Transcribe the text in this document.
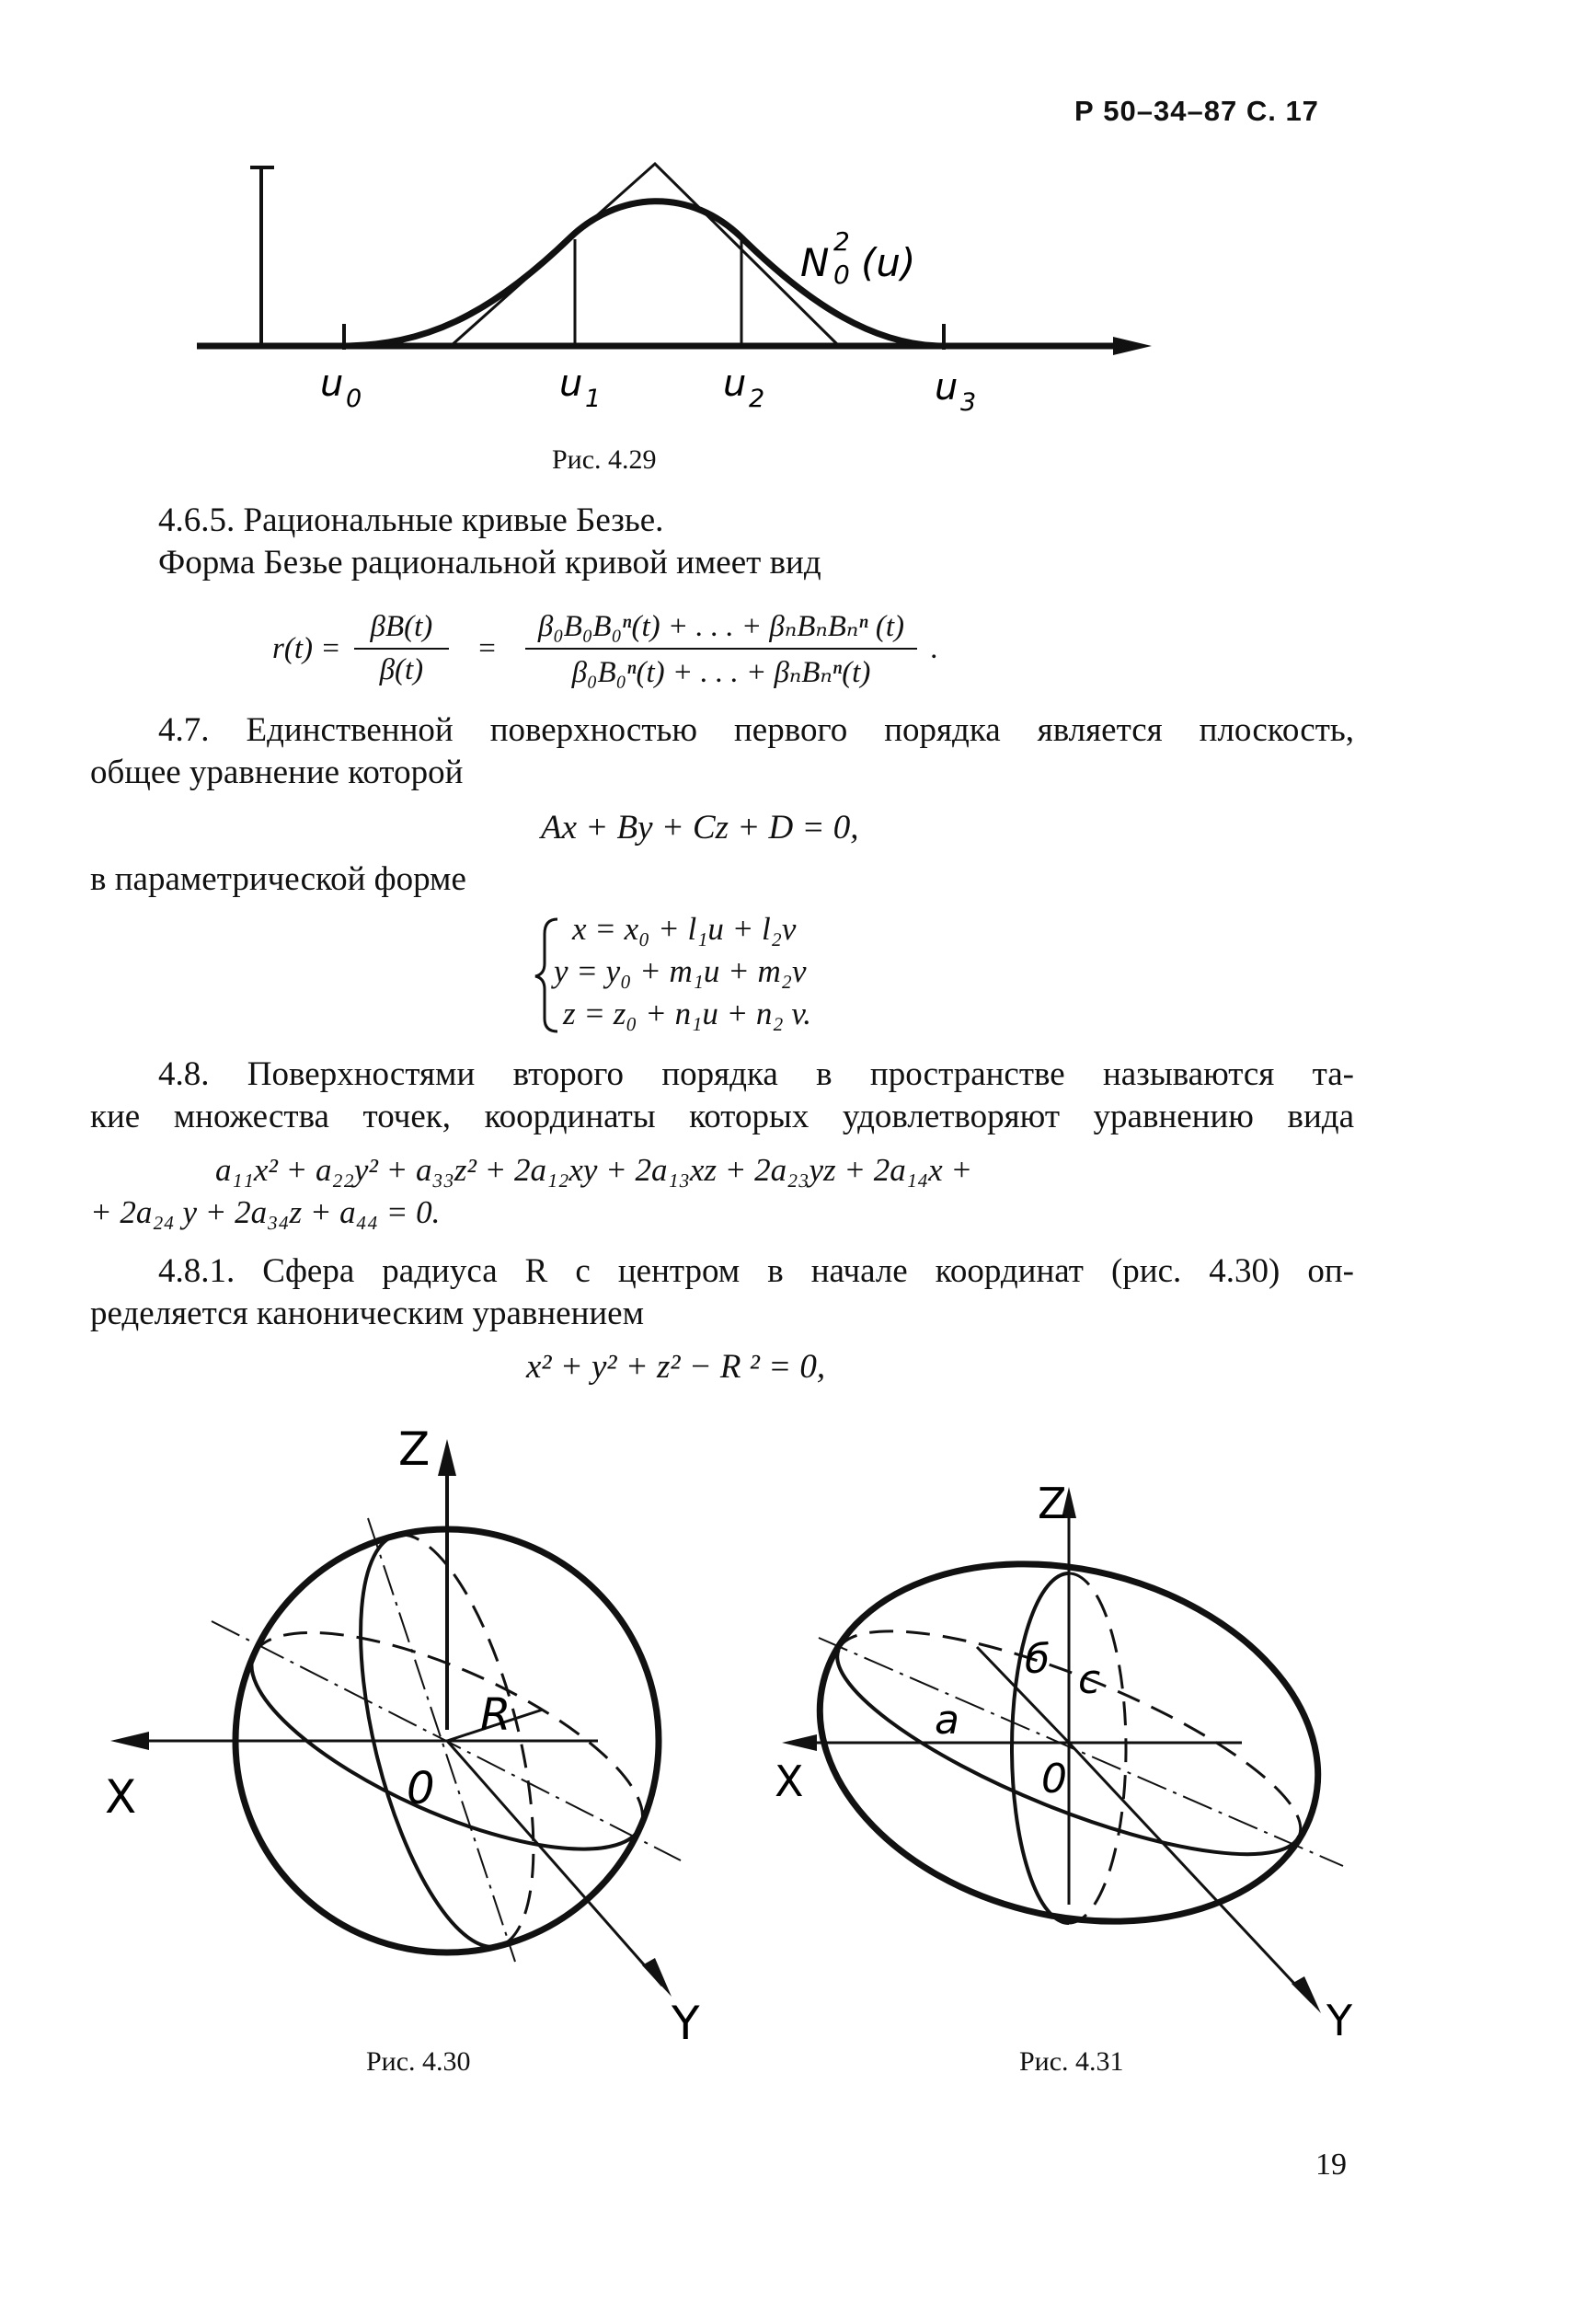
Р 50–34–87 С. 17
N 2
0 (u)
u 0	u 1	u 2	u 3
Рис. 4.29
4.6.5. Рациональные кривые Безье.
Форма Безье рациональной кривой имеет вид
$r(t) = \frac{\beta B(t)}{\beta(t)} = \frac{\text{β₀B₀B₀ⁿ(t) + . . . + βₙBₙBₙⁿ (t)}}{\text{β₀B₀ⁿ(t) + . . . + βₙBₙⁿ(t)}}$ .
4.7. Единственной поверхностью первого порядка является плоскость,
общее уравнение которой
Ax + By + Cz + D = 0,
в параметрической форме
x = x₀ + l₁u + l₂v
y = y₀ + m₁u + m₂v
z = z₀ + n₁u + n₂ v.
4.8. Поверхностями второго порядка в пространстве называются та-
кие множества точек, координаты которых удовлетворяют уравнению вида
a₁₁x² + a₂₂y² + a₃₃z² + 2a₁₂xy + 2a₁₃xz + 2a₂₃yz + 2a₁₄x +
+ 2a₂₄ y + 2a₃₄z + a₄₄ = 0.
4.8.1. Сфера радиуса R с центром в начале координат (рис. 4.30) оп-
ределяется каноническим уравнением
x² + y² + z² − R ² = 0,
Z
X
Y
0
R
Рис. 4.30
Z
X
Y
0
a
б c
Рис. 4.31
19
